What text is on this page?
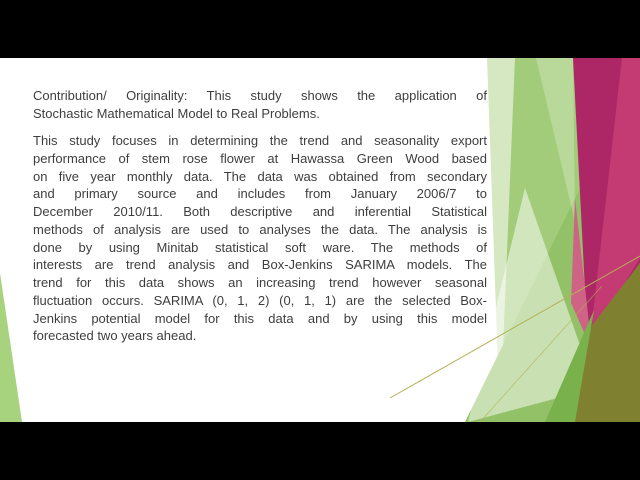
Contribution/ Originality: This study shows the application of
Stochastic Mathematical Model to Real Problems.
This study focuses in determining the trend and seasonality export
performance of stem rose flower at Hawassa Green Wood based
on five year monthly data. The data was obtained from secondary
and primary source and includes from January 2006/7 to
December 2010/11. Both descriptive and inferential Statistical
methods of analysis are used to analyses the data. The analysis is
done by using Minitab statistical soft ware. The methods of
interests are trend analysis and Box-Jenkins SARIMA models. The
trend for this data shows an increasing trend however seasonal
fluctuation occurs. SARIMA (0, 1, 2) (0, 1, 1) are the selected Box-
Jenkins potential model for this data and by using this model
forecasted two years ahead.
